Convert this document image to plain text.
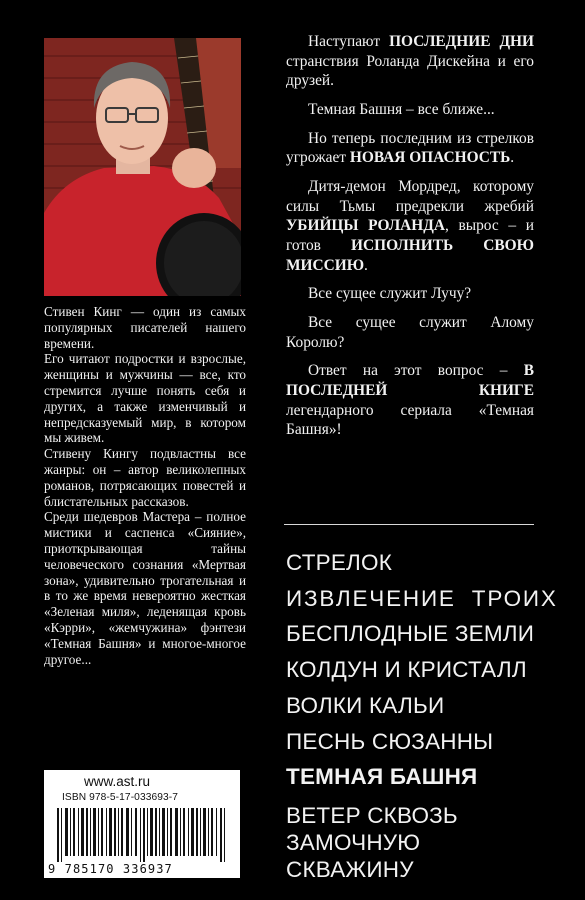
Стивен Кинг — один из самых популярных писателей нашего времени.

Его читают подростки и взрослые, женщины и мужчины — все, кто стремится лучше понять себя и других, а также изменчивый и непредсказуемый мир, в котором мы живем.

Стивену Кингу подвластны все жанры: он – автор великолепных романов, потрясающих повестей и блистательных рассказов.

Среди шедевров Мастера – полное мистики и саспенса «Сияние», приоткрывающая тайны человеческого сознания «Мертвая зона», удивительно трогательная и в то же время невероятно жесткая «Зеленая миля», леденящая кровь «Кэрри», «жемчужина» фэнтези «Темная Башня» и многое-многое другое...

www.ast.ru
ISBN 978-5-17-033693-7
9 785170 336937

Наступают ПОСЛЕДНИЕ ДНИ странствия Роланда Дискейна и его друзей.

Темная Башня – все ближе...

Но теперь последним из стрелков угрожает НОВАЯ ОПАСНОСТЬ.

Дитя-демон Мордред, которому силы Тьмы предрекли жребий УБИЙЦЫ РОЛАНДА, вырос – и готов ИСПОЛНИТЬ СВОЮ МИССИЮ.

Все сущее служит Лучу?

Все сущее служит Алому Королю?

Ответ на этот вопрос – В ПОСЛЕДНЕЙ КНИГЕ легендарного сериала «Темная Башня»!

СТРЕЛОК
ИЗВЛЕЧЕНИЕ ТРОИХ
БЕСПЛОДНЫЕ ЗЕМЛИ
КОЛДУН И КРИСТАЛЛ
ВОЛКИ КАЛЬИ
ПЕСНЬ СЮЗАННЫ
ТЕМНАЯ БАШНЯ
ВЕТЕР СКВОЗЬ ЗАМОЧНУЮ СКВАЖИНУ
